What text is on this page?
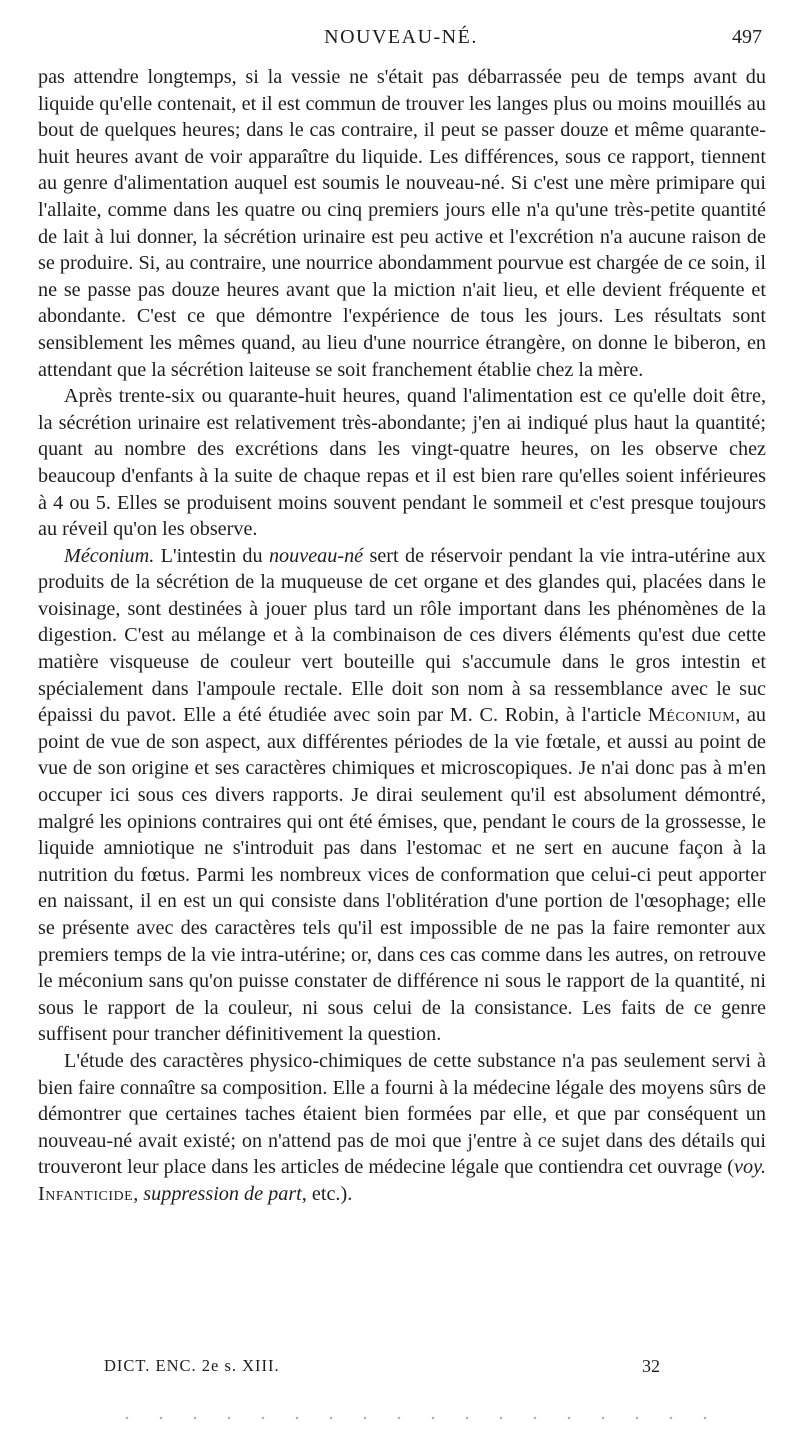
NOUVEAU-NÉ.	497

pas attendre longtemps, si la vessie ne s'était pas débarrassée peu de temps avant du liquide qu'elle contenait, et il est commun de trouver les langes plus ou moins mouillés au bout de quelques heures; dans le cas contraire, il peut se passer douze et même quarante-huit heures avant de voir apparaître du liquide. Les différences, sous ce rapport, tiennent au genre d'alimentation auquel est soumis le nouveau-né. Si c'est une mère primipare qui l'allaite, comme dans les quatre ou cinq premiers jours elle n'a qu'une très-petite quantité de lait à lui donner, la sécrétion urinaire est peu active et l'excrétion n'a aucune raison de se produire. Si, au contraire, une nourrice abondamment pourvue est chargée de ce soin, il ne se passe pas douze heures avant que la miction n'ait lieu, et elle devient fréquente et abondante. C'est ce que démontre l'expérience de tous les jours. Les résultats sont sensiblement les mêmes quand, au lieu d'une nourrice étrangère, on donne le biberon, en attendant que la sécrétion laiteuse se soit franchement établie chez la mère.

Après trente-six ou quarante-huit heures, quand l'alimentation est ce qu'elle doit être, la sécrétion urinaire est relativement très-abondante; j'en ai indiqué plus haut la quantité; quant au nombre des excrétions dans les vingt-quatre heures, on les observe chez beaucoup d'enfants à la suite de chaque repas et il est bien rare qu'elles soient inférieures à 4 ou 5. Elles se produisent moins souvent pendant le sommeil et c'est presque toujours au réveil qu'on les observe.

Méconium. L'intestin du nouveau-né sert de réservoir pendant la vie intra-utérine aux produits de la sécrétion de la muqueuse de cet organe et des glandes qui, placées dans le voisinage, sont destinées à jouer plus tard un rôle important dans les phénomènes de la digestion. C'est au mélange et à la combinaison de ces divers éléments qu'est due cette matière visqueuse de couleur vert bouteille qui s'accumule dans le gros intestin et spécialement dans l'ampoule rectale. Elle doit son nom à sa ressemblance avec le suc épaissi du pavot. Elle a été étudiée avec soin par M. C. Robin, à l'article Méconium, au point de vue de son aspect, aux différentes périodes de la vie fœtale, et aussi au point de vue de son origine et ses caractères chimiques et microscopiques. Je n'ai donc pas à m'en occuper ici sous ces divers rapports. Je dirai seulement qu'il est absolument démontré, malgré les opinions contraires qui ont été émises, que, pendant le cours de la grossesse, le liquide amniotique ne s'introduit pas dans l'estomac et ne sert en aucune façon à la nutrition du fœtus. Parmi les nombreux vices de conformation que celui-ci peut apporter en naissant, il en est un qui consiste dans l'oblitération d'une portion de l'œsophage; elle se présente avec des caractères tels qu'il est impossible de ne pas la faire remonter aux premiers temps de la vie intra-utérine; or, dans ces cas comme dans les autres, on retrouve le méconium sans qu'on puisse constater de différence ni sous le rapport de la quantité, ni sous le rapport de la couleur, ni sous celui de la consistance. Les faits de ce genre suffisent pour trancher définitivement la question.

L'étude des caractères physico-chimiques de cette substance n'a pas seulement servi à bien faire connaître sa composition. Elle a fourni à la médecine légale des moyens sûrs de démontrer que certaines taches étaient bien formées par elle, et que par conséquent un nouveau-né avait existé; on n'attend pas de moi que j'entre à ce sujet dans des détails qui trouveront leur place dans les articles de médecine légale que contiendra cet ouvrage (voy. Infanticide, suppression de part, etc.).

DICT. ENC. 2e s. XIII.	32
